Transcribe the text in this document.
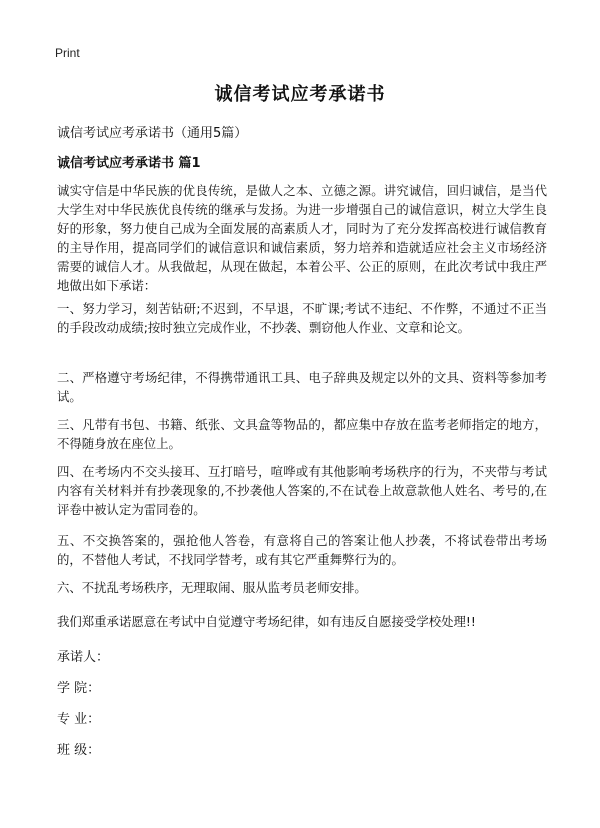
Print
诚信考试应考承诺书
诚信考试应考承诺书（通用5篇）
诚信考试应考承诺书 篇1

诚实守信是中华民族的优良传统，是做人之本、立德之源。讲究诚信，回归诚信，是当代大学生对中华民族优良传统的继承与发扬。为进一步增强自己的诚信意识，树立大学生良好的形象，努力使自己成为全面发展的高素质人才，同时为了充分发挥高校进行诚信教育的主导作用，提高同学们的诚信意识和诚信素质，努力培养和造就适应社会主义市场经济需要的诚信人才。从我做起，从现在做起，本着公平、公正的原则，在此次考试中我庄严地做出如下承诺：

一、努力学习，刻苦钻研;不迟到，不早退，不旷课;考试不违纪、不作弊，不通过不正当的手段改动成绩;按时独立完成作业，不抄袭、剽窃他人作业、文章和论文。

二、严格遵守考场纪律，不得携带通讯工具、电子辞典及规定以外的文具、资料等参加考试。

三、凡带有书包、书籍、纸张、文具盒等物品的，都应集中存放在监考老师指定的地方，不得随身放在座位上。

四、在考场内不交头接耳、互打暗号，喧哗或有其他影响考场秩序的行为，不夹带与考试内容有关材料并有抄袭现象的,不抄袭他人答案的,不在试卷上故意款他人姓名、考号的,在评卷中被认定为雷同卷的。

五、不交换答案的，强抢他人答卷，有意将自己的答案让他人抄袭，不将试卷带出考场的，不替他人考试，不找同学替考，或有其它严重舞弊行为的。

六、不扰乱考场秩序，无理取闹、服从监考员老师安排。

我们郑重承诺愿意在考试中自觉遵守考场纪律，如有违反自愿接受学校处理!!

承诺人：
学 院：
专 业：
班 级：
